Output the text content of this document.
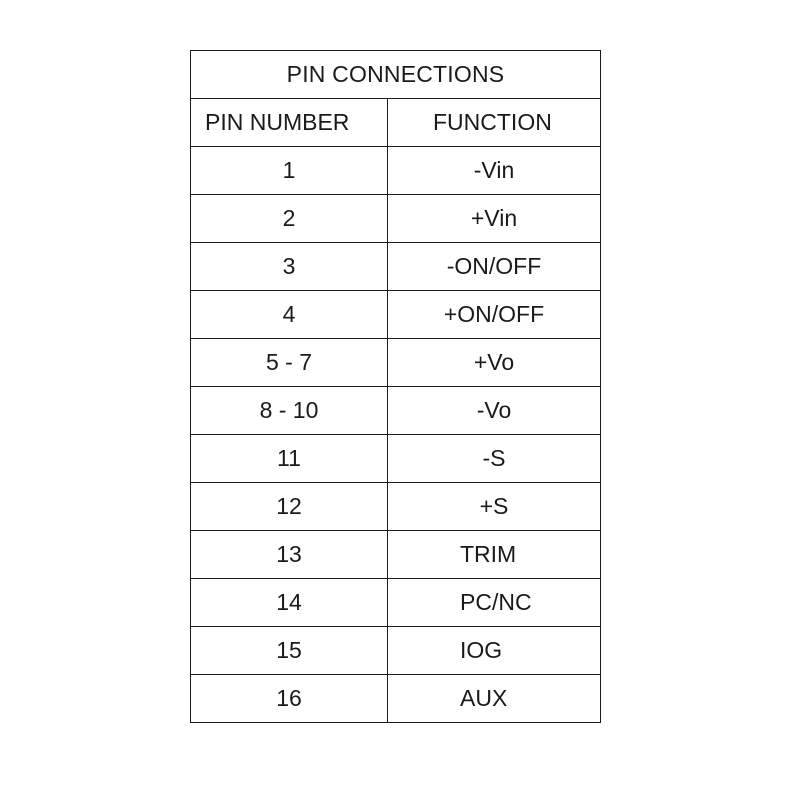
PIN CONNECTIONS	
PIN NUMBER	FUNCTION
1	-Vin
2	+Vin
3	-ON/OFF
4	+ON/OFF
5 - 7	+Vo
8 - 10	-Vo
11	-S
12	+S
13	TRIM
14	PC/NC
15	IOG
16	AUX
